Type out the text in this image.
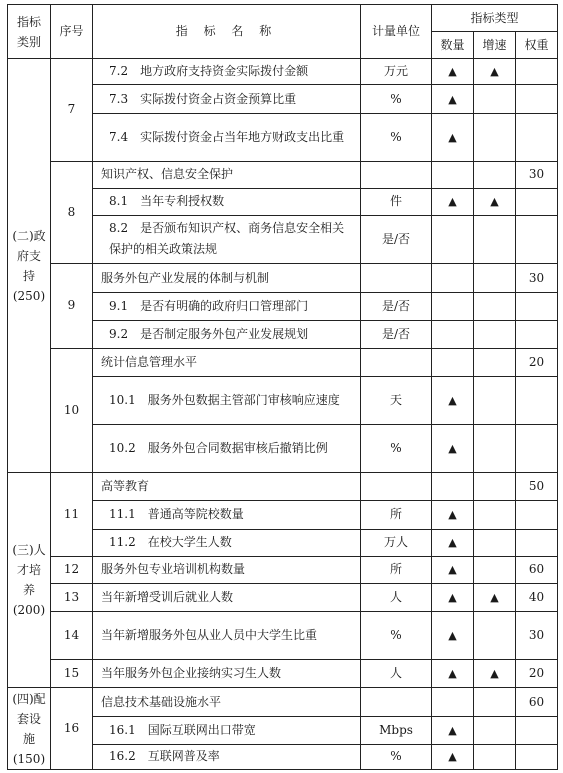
指标类别	序号	指 标 名 称	计量单位	指标类型		
				数量	增速	权重
(二)政府支持(250)	7	7.2　地方政府支持资金实际拨付金额	万元	▲	▲	
		7.3　实际拨付资金占资金预算比重	%	▲		
		7.4　实际拨付资金占当年地方财政支出比重	%	▲		
	8	知识产权、信息安全保护				30
		8.1　当年专利授权数	件	▲	▲	
		8.2　是否颁布知识产权、商务信息安全相关保护的相关政策法规	是/否			
	9	服务外包产业发展的体制与机制				30
		9.1　是否有明确的政府归口管理部门	是/否			
		9.2　是否制定服务外包产业发展规划	是/否			
	10	统计信息管理水平				20
		10.1　服务外包数据主管部门审核响应速度	天	▲		
		10.2　服务外包合同数据审核后撤销比例	%	▲		
(三)人才培养(200)	11	高等教育				50
		11.1　普通高等院校数量	所	▲		
		11.2　在校大学生人数	万人	▲		
	12	服务外包专业培训机构数量	所	▲		60
	13	当年新增受训后就业人数	人	▲	▲	40
	14	当年新增服务外包从业人员中大学生比重	%	▲		30
	15	当年服务外包企业接纳实习生人数	人	▲	▲	20
(四)配套设施(150)	16	信息技术基础设施水平				60
		16.1　国际互联网出口带宽	Mbps	▲		
		16.2　互联网普及率	%	▲		
